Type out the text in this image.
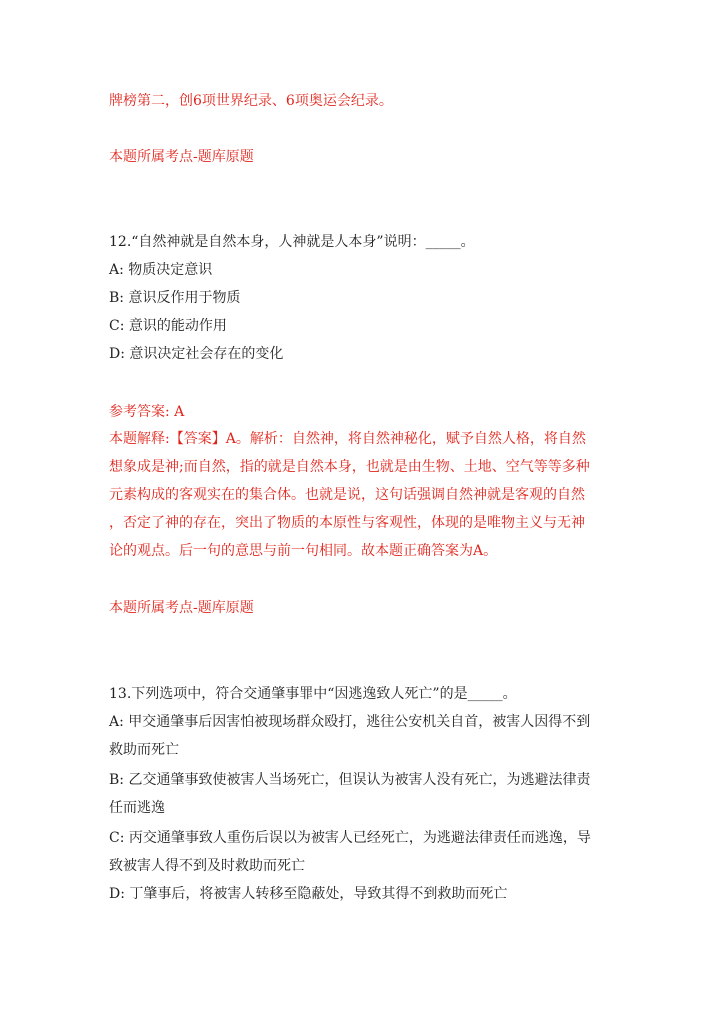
牌榜第二，创6项世界纪录、6项奥运会纪录。
本题所属考点-题库原题
12.“自然神就是自然本身，人神就是人本身”说明：_____。
A: 物质决定意识
B: 意识反作用于物质
C: 意识的能动作用
D: 意识决定社会存在的变化
参考答案: A
本题解释:【答案】A。解析：自然神，将自然神秘化，赋予自然人格，将自然
想象成是神;而自然，指的就是自然本身，也就是由生物、土地、空气等等多种
元素构成的客观实在的集合体。也就是说，这句话强调自然神就是客观的自然
，否定了神的存在，突出了物质的本原性与客观性，体现的是唯物主义与无神
论的观点。后一句的意思与前一句相同。故本题正确答案为A。
本题所属考点-题库原题
13.下列选项中，符合交通肇事罪中“因逃逸致人死亡”的是_____。
A: 甲交通肇事后因害怕被现场群众殴打，逃往公安机关自首，被害人因得不到
救助而死亡
B: 乙交通肇事致使被害人当场死亡，但误认为被害人没有死亡，为逃避法律责
任而逃逸
C: 丙交通肇事致人重伤后误以为被害人已经死亡，为逃避法律责任而逃逸，导
致被害人得不到及时救助而死亡
D: 丁肇事后，将被害人转移至隐蔽处，导致其得不到救助而死亡
